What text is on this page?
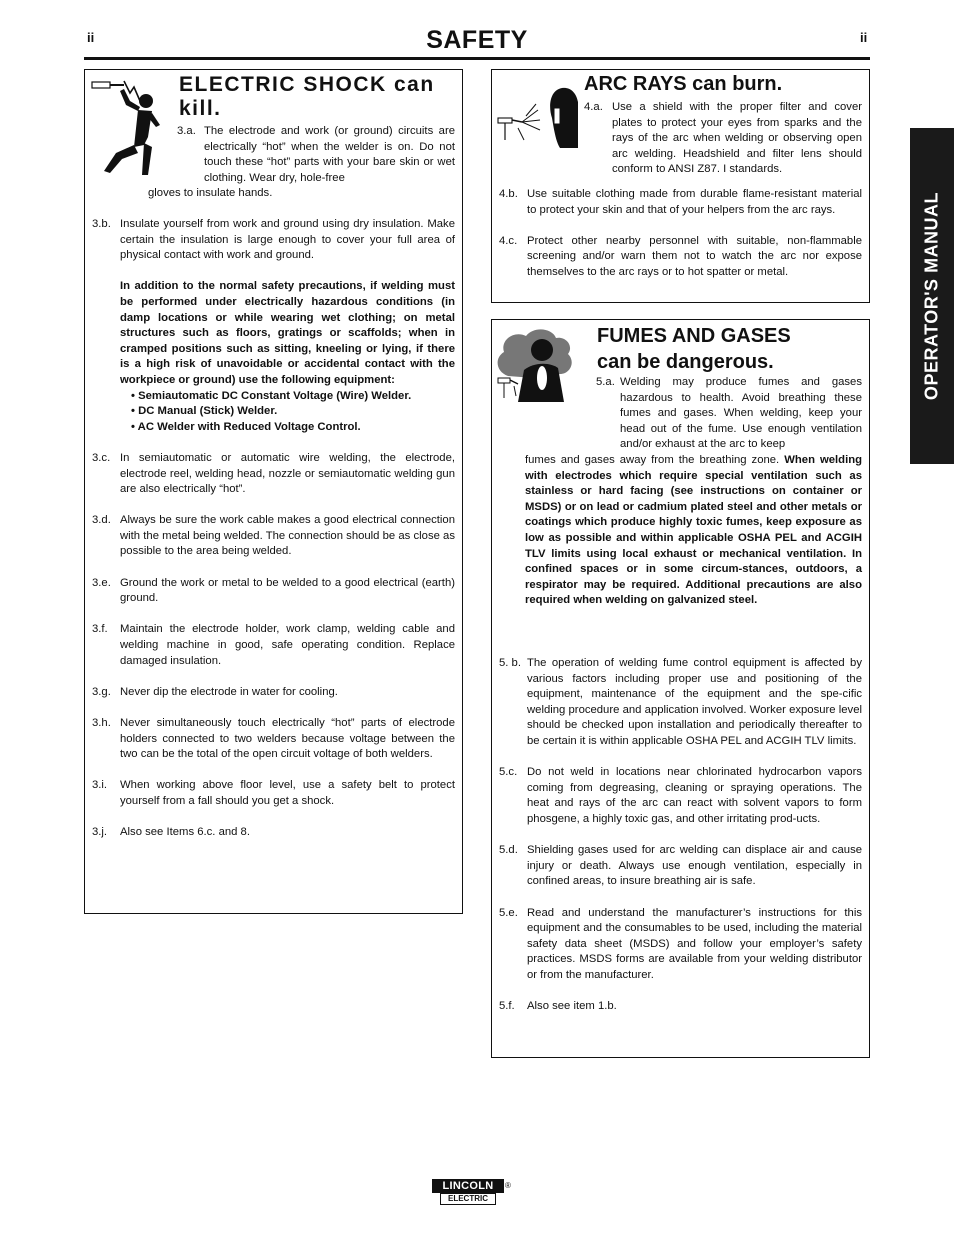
ii	ii
SAFETY
OPERATOR'S MANUAL
ELECTRIC SHOCK can kill.
3.a. The electrode and work (or ground) circuits are electrically “hot” when the welder is on. Do not touch these “hot” parts with your bare skin or wet clothing. Wear dry, hole-free
gloves to insulate hands.
3.b. Insulate yourself from work and ground using dry insulation. Make certain the insulation is large enough to cover your full area of physical contact with work and ground.
In addition to the normal safety precautions, if welding must be performed under electrically hazardous conditions (in damp locations or while wearing wet clothing; on metal structures such as floors, gratings or scaffolds; when in cramped positions such as sitting, kneeling or lying, if there is a high risk of unavoidable or accidental contact with the workpiece or ground) use the following equipment:
• Semiautomatic DC Constant Voltage (Wire) Welder.
• DC Manual (Stick) Welder.
• AC Welder with Reduced Voltage Control.
3.c. In semiautomatic or automatic wire welding, the electrode, electrode reel, welding head, nozzle or semiautomatic welding gun are also electrically “hot”.
3.d. Always be sure the work cable makes a good electrical connection with the metal being welded. The connection should be as close as possible to the area being welded.
3.e. Ground the work or metal to be welded to a good electrical (earth) ground.
3.f.	Maintain the electrode holder, work clamp, welding cable and welding machine in good, safe operating condition. Replace damaged insulation.
3.g. Never dip the electrode in water for cooling.
3.h. Never simultaneously touch electrically “hot” parts of electrode holders connected to two welders because voltage between the two can be the total of the open circuit voltage of both welders.
3.i.	When working above floor level, use a safety belt to protect yourself from a fall should you get a shock.
3.j.	Also see Items 6.c. and 8.
ARC RAYS can burn.
4.a. Use a shield with the proper filter and cover plates to protect your eyes from sparks and the rays of the arc when welding or observing open arc welding. Headshield and filter lens should conform to ANSI Z87. I standards.
4.b. Use suitable clothing made from durable flame-resistant material to protect your skin and that of your helpers from the arc rays.
4.c. Protect other nearby personnel with suitable, non-flammable screening and/or warn them not to watch the arc nor expose themselves to the arc rays or to hot spatter or metal.
FUMES AND GASES
can be dangerous.
5.a. Welding may produce fumes and gases hazardous to health. Avoid breathing these fumes and gases. When welding, keep your head out of the fume. Use enough ventilation and/or exhaust at the arc to keep
fumes and gases away from the breathing zone. When welding with electrodes which require special ventilation such as stainless or hard facing (see instructions on container or MSDS) or on lead or cadmium plated steel and other metals or coatings which produce highly toxic fumes, keep exposure as low as possible and within applicable OSHA PEL and ACGIH TLV limits using local exhaust or mechanical ventilation. In confined spaces or in some circum-stances, outdoors, a respirator may be required. Additional precautions are also required when welding on galvanized steel.
5. b. The operation of welding fume control equipment is affected by various factors including proper use and positioning of the equipment, maintenance of the equipment and the spe-cific welding procedure and application involved. Worker exposure level should be checked upon installation and periodically thereafter to be certain it is within applicable OSHA PEL and ACGIH TLV limits.
5.c. Do not weld in locations near chlorinated hydrocarbon vapors coming from degreasing, cleaning or spraying operations. The heat and rays of the arc can react with solvent vapors to form phosgene, a highly toxic gas, and other irritating prod-ucts.
5.d. Shielding gases used for arc welding can displace air and cause injury or death. Always use enough ventilation, especially in confined areas, to insure breathing air is safe.
5.e. Read and understand the manufacturer’s instructions for this equipment and the consumables to be used, including the material safety data sheet (MSDS) and follow your employer’s safety practices. MSDS forms are available from your welding distributor or from the manufacturer.
5.f.	Also see item 1.b.
LINCOLN
ELECTRIC
®
